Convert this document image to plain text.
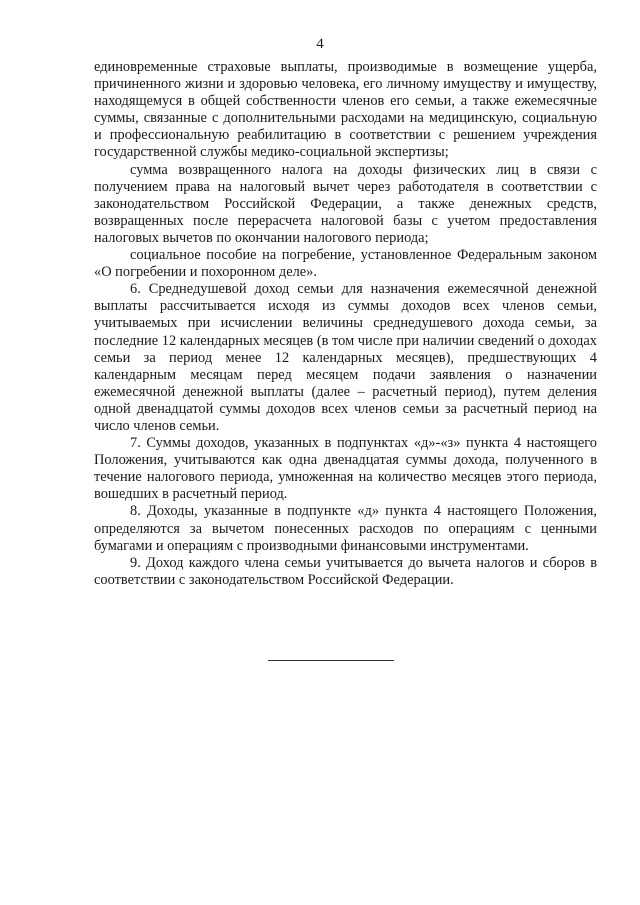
4

единовременные страховые выплаты, производимые в возмещение ущерба, причиненного жизни и здоровью человека, его личному имуществу и имуществу, находящемуся в общей собственности членов его семьи, а также ежемесячные суммы, связанные с дополнительными расходами на медицинскую, социальную и профессиональную реабилитацию в соответствии с решением учреждения государственной службы медико-социальной экспертизы;

сумма возвращенного налога на доходы физических лиц в связи с получением права на налоговый вычет через работодателя в соответствии с законодательством Российской Федерации, а также денежных средств, возвращенных после перерасчета налоговой базы с учетом предоставления налоговых вычетов по окончании налогового периода;

социальное пособие на погребение, установленное Федеральным законом «О погребении и похоронном деле».

6. Среднедушевой доход семьи для назначения ежемесячной денежной выплаты рассчитывается исходя из суммы доходов всех членов семьи, учитываемых при исчислении величины среднедушевого дохода семьи, за последние 12 календарных месяцев (в том числе при наличии сведений о доходах семьи за период менее 12 календарных месяцев), предшествующих 4 календарным месяцам перед месяцем подачи заявления о назначении ежемесячной денежной выплаты (далее – расчетный период), путем деления одной двенадцатой суммы доходов всех членов семьи за расчетный период на число членов семьи.

7. Суммы доходов, указанных в подпунктах «д»-«з» пункта 4 настоящего Положения, учитываются как одна двенадцатая суммы дохода, полученного в течение налогового периода, умноженная на количество месяцев этого периода, вошедших в расчетный период.

8. Доходы, указанные в подпункте «д» пункта 4 настоящего Положения, определяются за вычетом понесенных расходов по операциям с ценными бумагами и операциям с производными финансовыми инструментами.

9. Доход каждого члена семьи учитывается до вычета налогов и сборов в соответствии с законодательством Российской Федерации.
